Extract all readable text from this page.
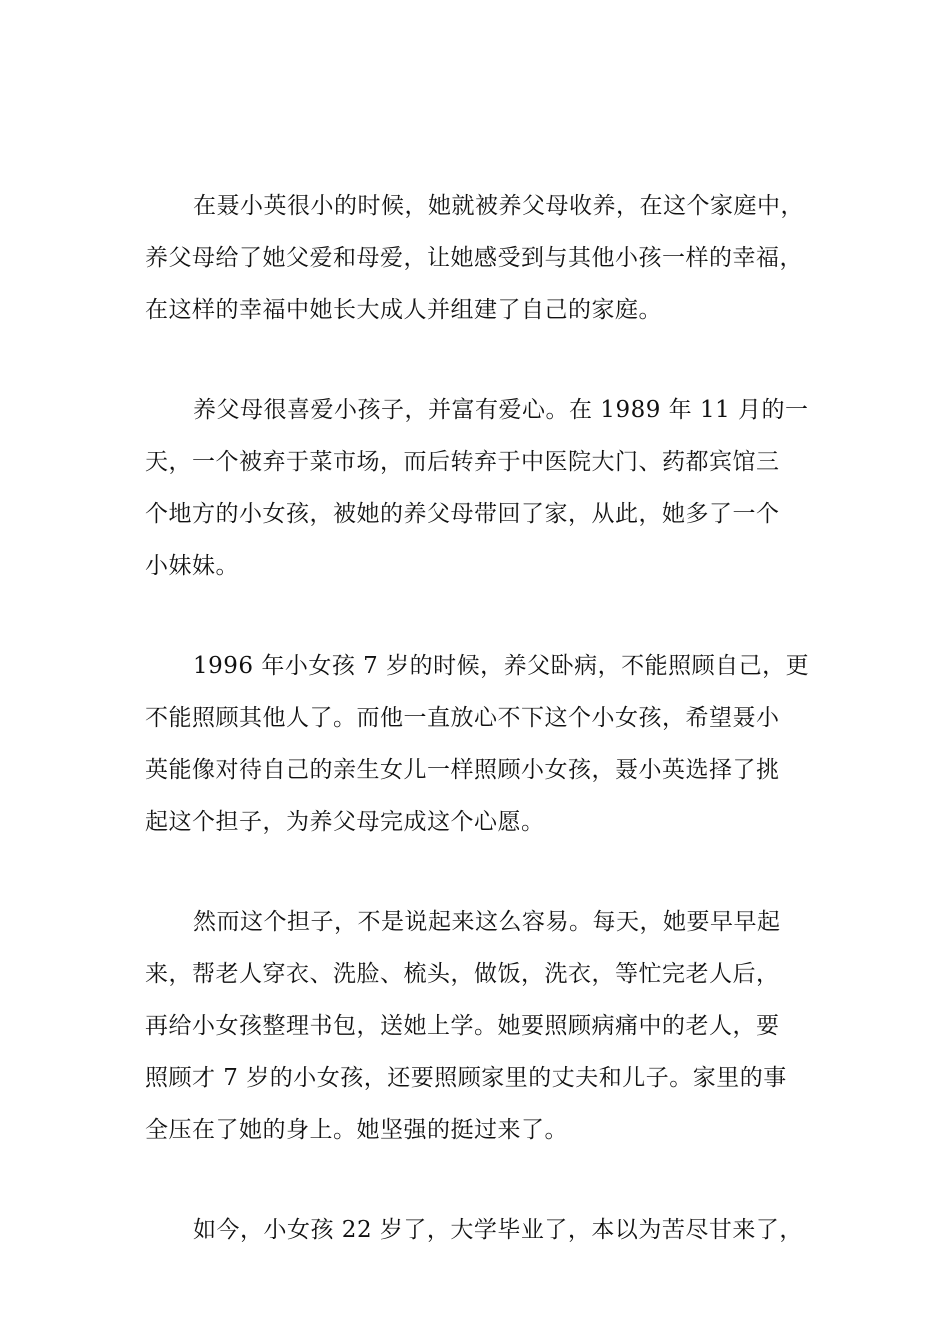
在聂小英很小的时候，她就被养父母收养，在这个家庭中，
养父母给了她父爱和母爱，让她感受到与其他小孩一样的幸福，
在这样的幸福中她长大成人并组建了自己的家庭。
养父母很喜爱小孩子，并富有爱心。在 1989 年 11 月的一
天，一个被弃于菜市场，而后转弃于中医院大门、药都宾馆三
个地方的小女孩，被她的养父母带回了家，从此，她多了一个
小妹妹。
1996 年小女孩 7 岁的时候，养父卧病，不能照顾自己，更
不能照顾其他人了。而他一直放心不下这个小女孩，希望聂小
英能像对待自己的亲生女儿一样照顾小女孩，聂小英选择了挑
起这个担子，为养父母完成这个心愿。
然而这个担子，不是说起来这么容易。每天，她要早早起
来，帮老人穿衣、洗脸、梳头，做饭，洗衣，等忙完老人后，
再给小女孩整理书包，送她上学。她要照顾病痛中的老人，要
照顾才 7 岁的小女孩，还要照顾家里的丈夫和儿子。家里的事
全压在了她的身上。她坚强的挺过来了。
如今，小女孩 22 岁了，大学毕业了，本以为苦尽甘来了，
